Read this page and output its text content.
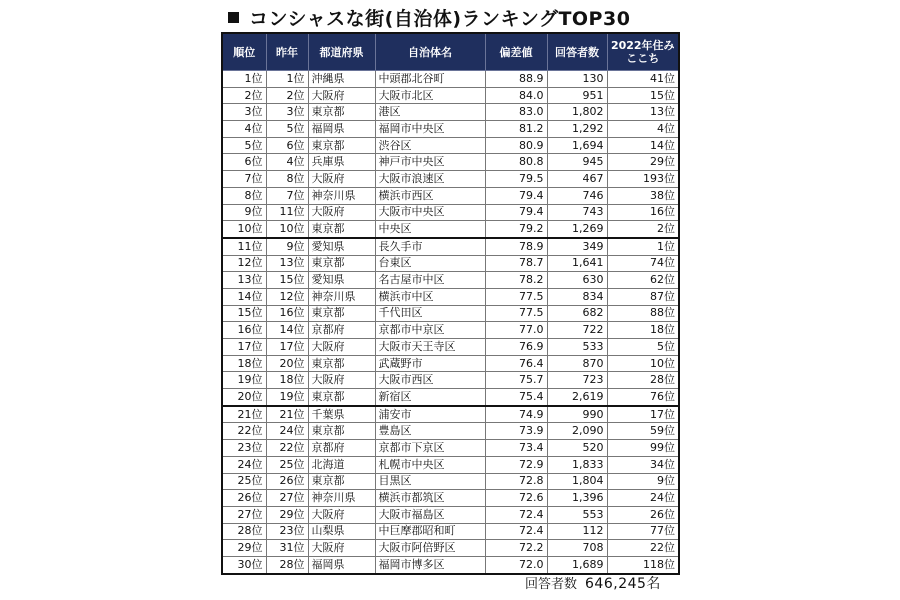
コンシャスな街(自治体)ランキングTOP30
順位	昨年	都道府県	自治体名	偏差値	回答者数	2022年住みここち
1位	1位	沖縄県	中頭郡北谷町	88.9	130	41位
2位	2位	大阪府	大阪市北区	84.0	951	15位
3位	3位	東京都	港区	83.0	1,802	13位
4位	5位	福岡県	福岡市中央区	81.2	1,292	4位
5位	6位	東京都	渋谷区	80.9	1,694	14位
6位	4位	兵庫県	神戸市中央区	80.8	945	29位
7位	8位	大阪府	大阪市浪速区	79.5	467	193位
8位	7位	神奈川県	横浜市西区	79.4	746	38位
9位	11位	大阪府	大阪市中央区	79.4	743	16位
10位	10位	東京都	中央区	79.2	1,269	2位
11位	9位	愛知県	長久手市	78.9	349	1位
12位	13位	東京都	台東区	78.7	1,641	74位
13位	15位	愛知県	名古屋市中区	78.2	630	62位
14位	12位	神奈川県	横浜市中区	77.5	834	87位
15位	16位	東京都	千代田区	77.5	682	88位
16位	14位	京都府	京都市中京区	77.0	722	18位
17位	17位	大阪府	大阪市天王寺区	76.9	533	5位
18位	20位	東京都	武蔵野市	76.4	870	10位
19位	18位	大阪府	大阪市西区	75.7	723	28位
20位	19位	東京都	新宿区	75.4	2,619	76位
21位	21位	千葉県	浦安市	74.9	990	17位
22位	24位	東京都	豊島区	73.9	2,090	59位
23位	22位	京都府	京都市下京区	73.4	520	99位
24位	25位	北海道	札幌市中央区	72.9	1,833	34位
25位	26位	東京都	目黒区	72.8	1,804	9位
26位	27位	神奈川県	横浜市都筑区	72.6	1,396	24位
27位	29位	大阪府	大阪市福島区	72.4	553	26位
28位	23位	山梨県	中巨摩郡昭和町	72.4	112	77位
29位	31位	大阪府	大阪市阿倍野区	72.2	708	22位
30位	28位	福岡県	福岡市博多区	72.0	1,689	118位
回答者数 646,245名
